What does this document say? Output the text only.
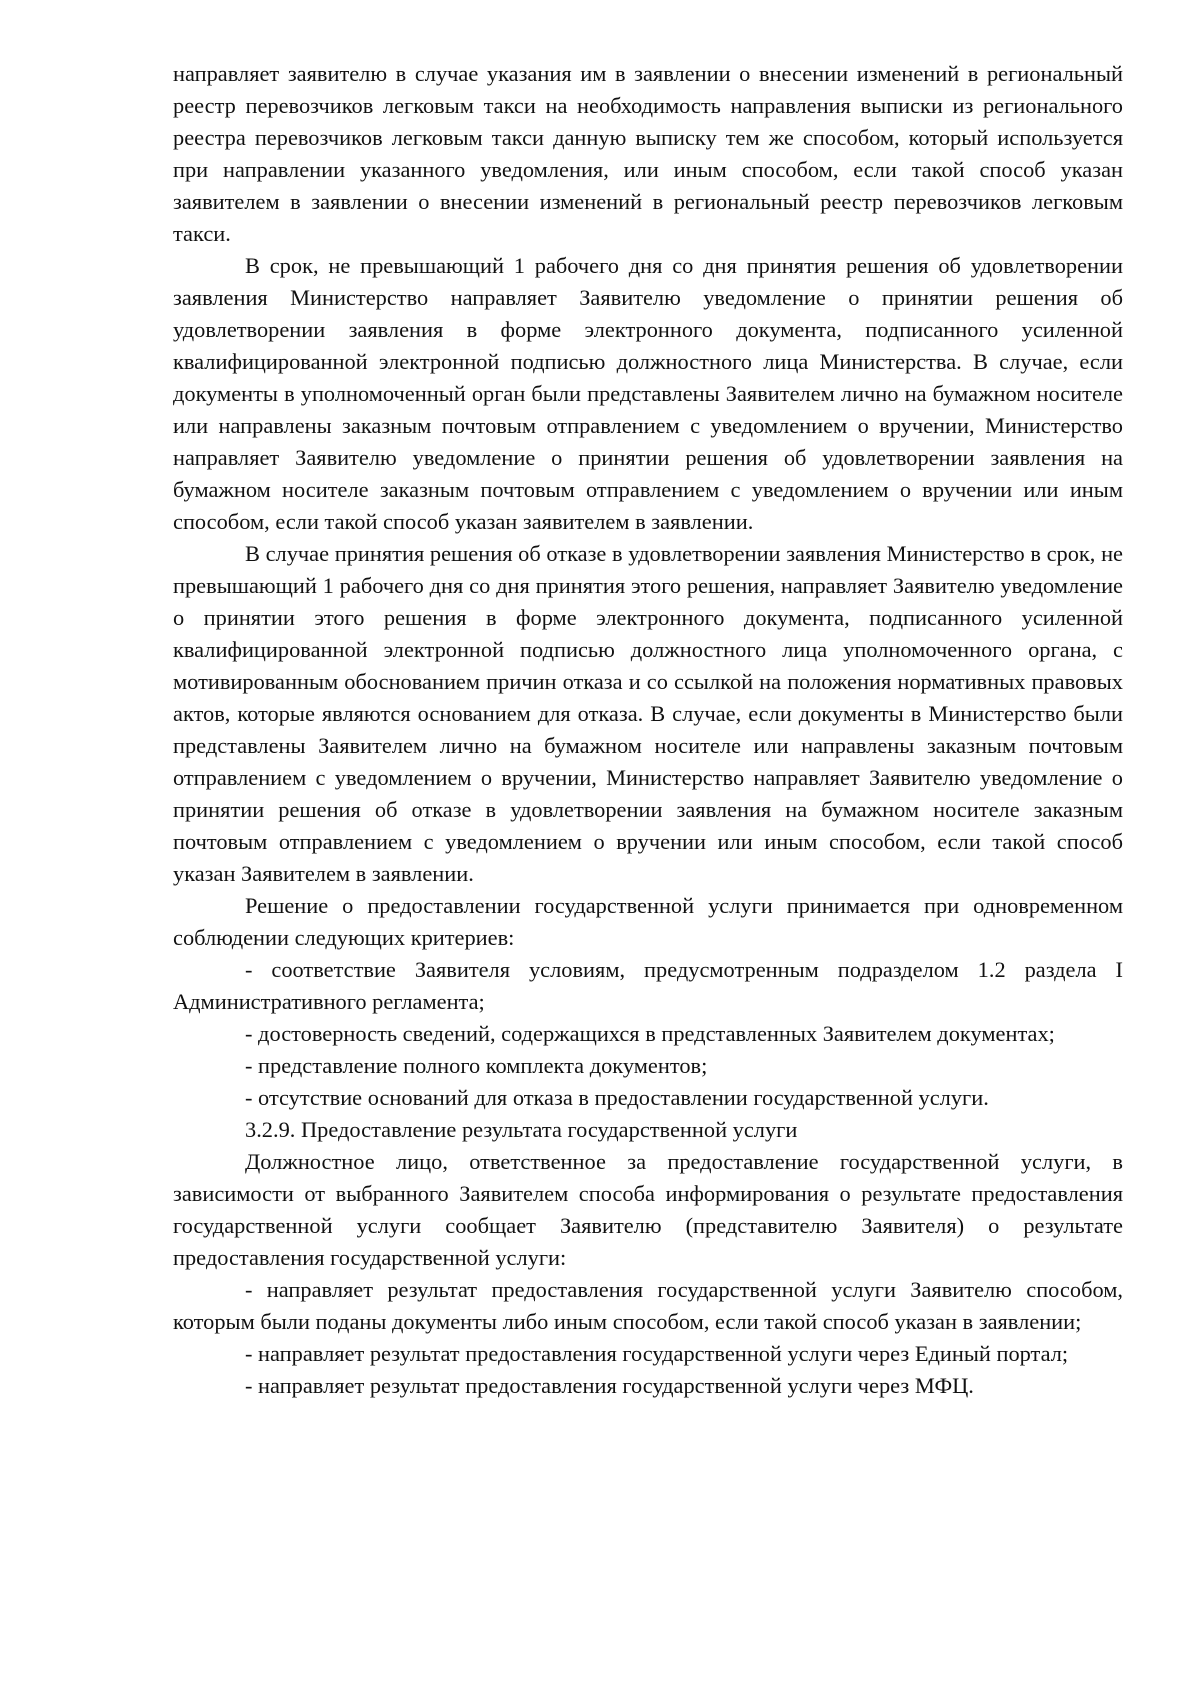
направляет заявителю в случае указания им в заявлении о внесении изменений в региональный реестр перевозчиков легковым такси на необходимость направления выписки из регионального реестра перевозчиков легковым такси данную выписку тем же способом, который используется при направлении указанного уведомления, или иным способом, если такой способ указан заявителем в заявлении о внесении изменений в региональный реестр перевозчиков легковым такси.

В срок, не превышающий 1 рабочего дня со дня принятия решения об удовлетворении заявления Министерство направляет Заявителю уведомление о принятии решения об удовлетворении заявления в форме электронного документа, подписанного усиленной квалифицированной электронной подписью должностного лица Министерства. В случае, если документы в уполномоченный орган были представлены Заявителем лично на бумажном носителе или направлены заказным почтовым отправлением с уведомлением о вручении, Министерство направляет Заявителю уведомление о принятии решения об удовлетворении заявления на бумажном носителе заказным почтовым отправлением с уведомлением о вручении или иным способом, если такой способ указан заявителем в заявлении.

В случае принятия решения об отказе в удовлетворении заявления Министерство в срок, не превышающий 1 рабочего дня со дня принятия этого решения, направляет Заявителю уведомление о принятии этого решения в форме электронного документа, подписанного усиленной квалифицированной электронной подписью должностного лица уполномоченного органа, с мотивированным обоснованием причин отказа и со ссылкой на положения нормативных правовых актов, которые являются основанием для отказа. В случае, если документы в Министерство были представлены Заявителем лично на бумажном носителе или направлены заказным почтовым отправлением с уведомлением о вручении, Министерство направляет Заявителю уведомление о принятии решения об отказе в удовлетворении заявления на бумажном носителе заказным почтовым отправлением с уведомлением о вручении или иным способом, если такой способ указан Заявителем в заявлении.

Решение о предоставлении государственной услуги принимается при одновременном соблюдении следующих критериев:

- соответствие Заявителя условиям, предусмотренным подразделом 1.2 раздела I Административного регламента;

- достоверность сведений, содержащихся в представленных Заявителем документах;

- представление полного комплекта документов;

- отсутствие оснований для отказа в предоставлении государственной услуги.

3.2.9. Предоставление результата государственной услуги

Должностное лицо, ответственное за предоставление государственной услуги, в зависимости от выбранного Заявителем способа информирования о результате предоставления государственной услуги сообщает Заявителю (представителю Заявителя) о результате предоставления государственной услуги:

- направляет результат предоставления государственной услуги Заявителю способом, которым были поданы документы либо иным способом, если такой способ указан в заявлении;

- направляет результат предоставления государственной услуги через Единый портал;

- направляет результат предоставления государственной услуги через МФЦ.
